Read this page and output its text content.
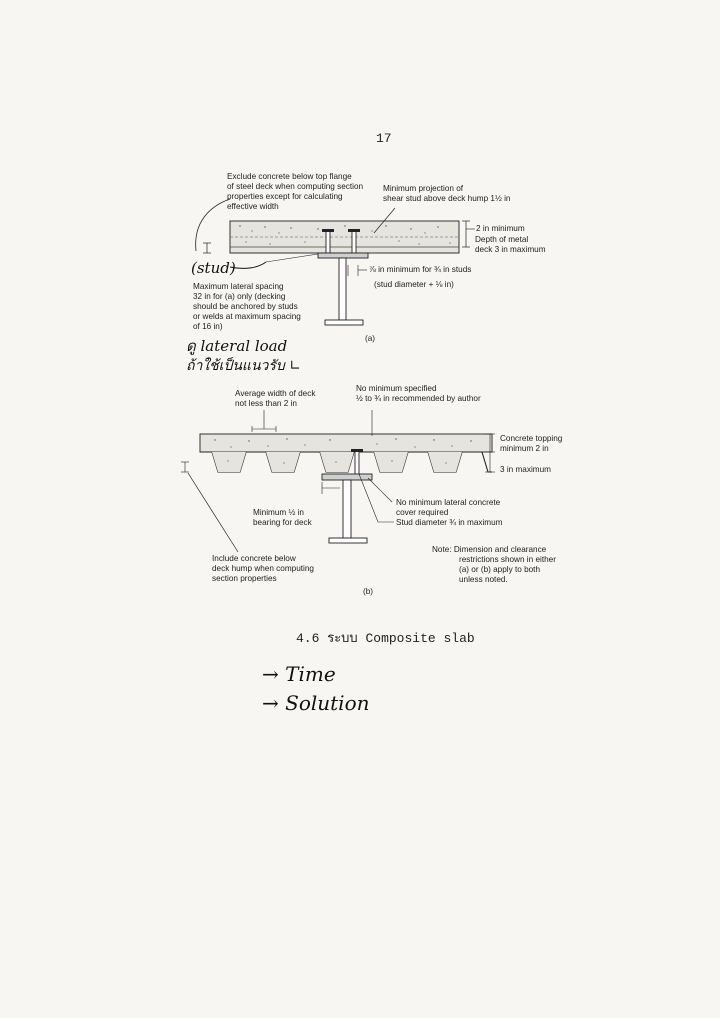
17
Exclude concrete below top flange
of steel deck when computing section
properties except for calculating
effective width
Minimum projection of
shear stud above deck hump 1½ in
2 in minimum
Depth of metal
deck 3 in maximum
⅞ in minimum for ¾ in studs
(stud diameter + ⅛ in)
(stud)
Maximum lateral spacing
32 in for (a) only (decking
should be anchored by studs
or welds at maximum spacing
of 16 in)
ดู lateral load
ถ้าใช้เป็นแนวรับ ∟
(a)
Average width of deck
not less than 2 in
No minimum specified
½ to ¾ in recommended by author
Concrete topping
minimum 2 in
3 in maximum
Minimum ½ in
bearing for deck
No minimum lateral concrete
cover required
Stud diameter ¾ in maximum
Include concrete below
deck hump when computing
section properties
Note: Dimension and clearance
restrictions shown in either
(a) or (b) apply to both
unless noted.
(b)
4.6 ระบบ Composite slab
→ Time
→ Solution
